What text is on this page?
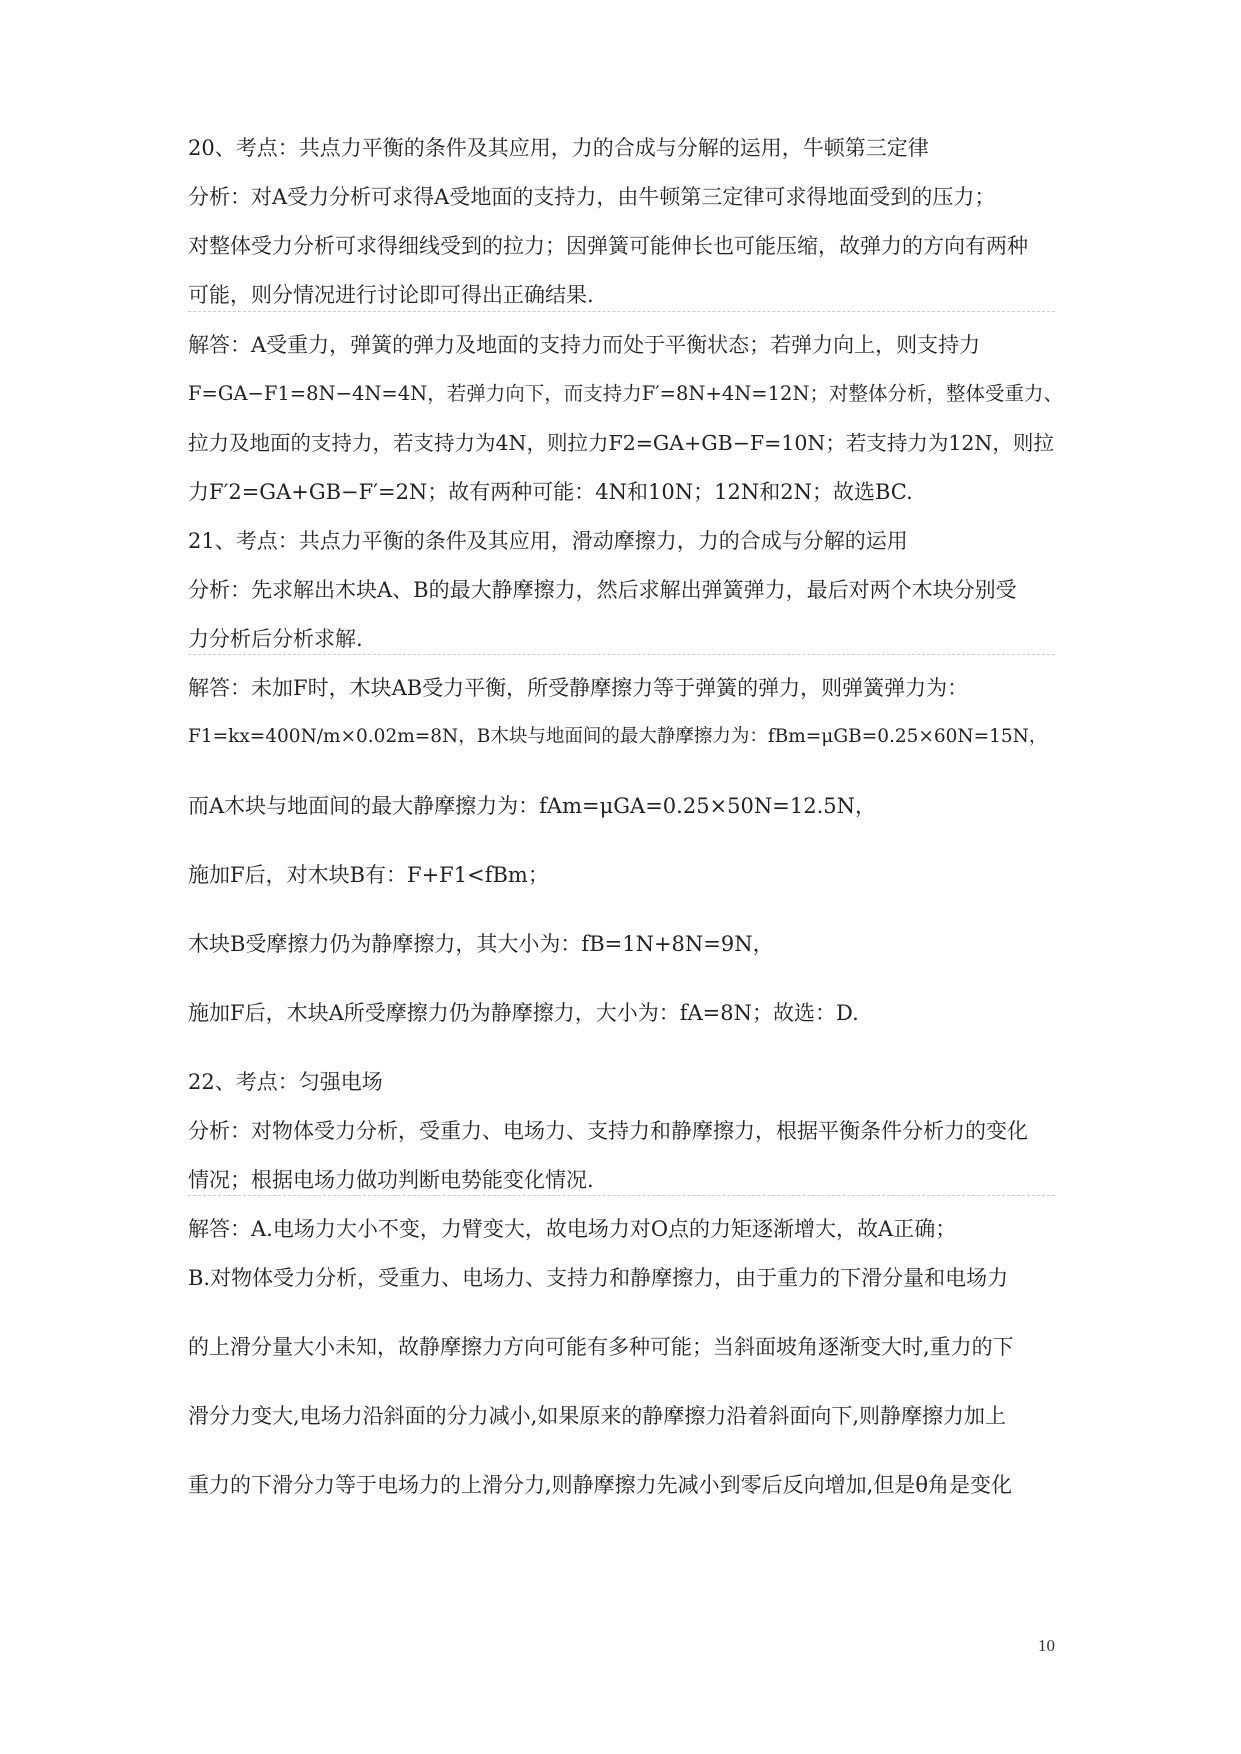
20、考点：共点力平衡的条件及其应用，力的合成与分解的运用，牛顿第三定律
分析：对A受力分析可求得A受地面的支持力，由牛顿第三定律可求得地面受到的压力；
对整体受力分析可求得细线受到的拉力；因弹簧可能伸长也可能压缩，故弹力的方向有两种
可能，则分情况进行讨论即可得出正确结果.
解答：A受重力，弹簧的弹力及地面的支持力而处于平衡状态；若弹力向上，则支持力
F=GA−F1=8N−4N=4N，若弹力向下，而支持力F′=8N+4N=12N；对整体分析，整体受重力、
拉力及地面的支持力，若支持力为4N，则拉力F2=GA+GB−F=10N；若支持力为12N，则拉
力F′2=GA+GB−F′=2N；故有两种可能：4N和10N；12N和2N；故选BC.
21、考点：共点力平衡的条件及其应用，滑动摩擦力，力的合成与分解的运用
分析：先求解出木块A、B的最大静摩擦力，然后求解出弹簧弹力，最后对两个木块分别受
力分析后分析求解.
解答：未加F时，木块AB受力平衡，所受静摩擦力等于弹簧的弹力，则弹簧弹力为：
F1=kx=400N/m×0.02m=8N，B木块与地面间的最大静摩擦力为：fBm=μGB=0.25×60N=15N，
而A木块与地面间的最大静摩擦力为：fAm=μGA=0.25×50N=12.5N，
施加F后，对木块B有：F+F1<fBm；
木块B受摩擦力仍为静摩擦力，其大小为：fB=1N+8N=9N，
施加F后，木块A所受摩擦力仍为静摩擦力，大小为：fA=8N；故选：D.
22、考点：匀强电场
分析：对物体受力分析，受重力、电场力、支持力和静摩擦力，根据平衡条件分析力的变化
情况；根据电场力做功判断电势能变化情况.
解答：A.电场力大小不变，力臂变大，故电场力对O点的力矩逐渐增大，故A正确；
B.对物体受力分析，受重力、电场力、支持力和静摩擦力，由于重力的下滑分量和电场力
的上滑分量大小未知，故静摩擦力方向可能有多种可能；当斜面坡角逐渐变大时,重力的下
滑分力变大,电场力沿斜面的分力减小,如果原来的静摩擦力沿着斜面向下,则静摩擦力加上
重力的下滑分力等于电场力的上滑分力,则静摩擦力先减小到零后反向增加,但是θ角是变化
10
